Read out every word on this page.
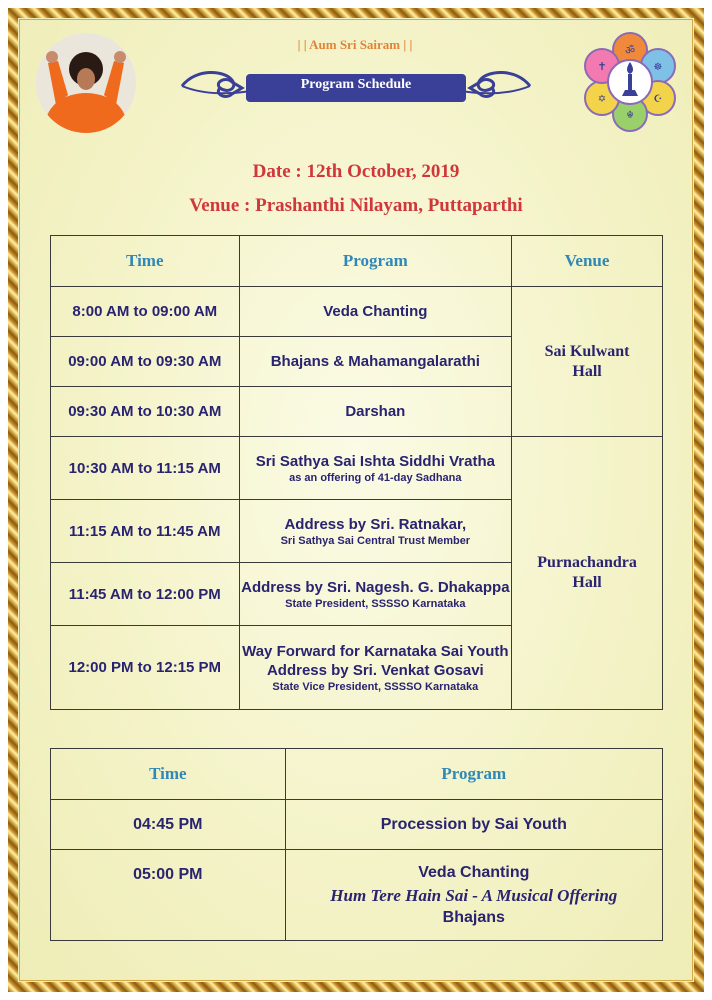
| | Aum Sri Sairam | |
Program Schedule
ॐ
☸
☪
☬
✡
✝
Date : 12th October, 2019
Venue : Prashanthi Nilayam, Puttaparthi
Time	Program	Venue
8:00 AM to 09:00 AM	Veda Chanting	Sai Kulwant
Hall

09:00 AM to 09:30 AM	Bhajans & Mahamangalarathi	
09:30 AM to 10:30 AM	Darshan	
10:30 AM to 11:15 AM	Sri Sathya Sai Ishta Siddhi Vratha
as an offering of 41-day Sadhana	Purnachandra
Hall

11:15 AM to 11:45 AM	Address by Sri. Ratnakar,
Sri Sathya Sai Central Trust Member	

11:45 AM to 12:00 PM	Address by Sri. Nagesh. G. Dhakappa
State President, SSSSO Karnataka	

12:00 PM to 12:15 PM	Way Forward for Karnataka Sai Youth
Address by Sri. Venkat Gosavi
State Vice President, SSSSO Karnataka	
Time	Program
04:45 PM	Procession by Sai Youth
05:00 PM	Veda Chanting
Hum Tere Hain Sai - A Musical Offering
Bhajans
